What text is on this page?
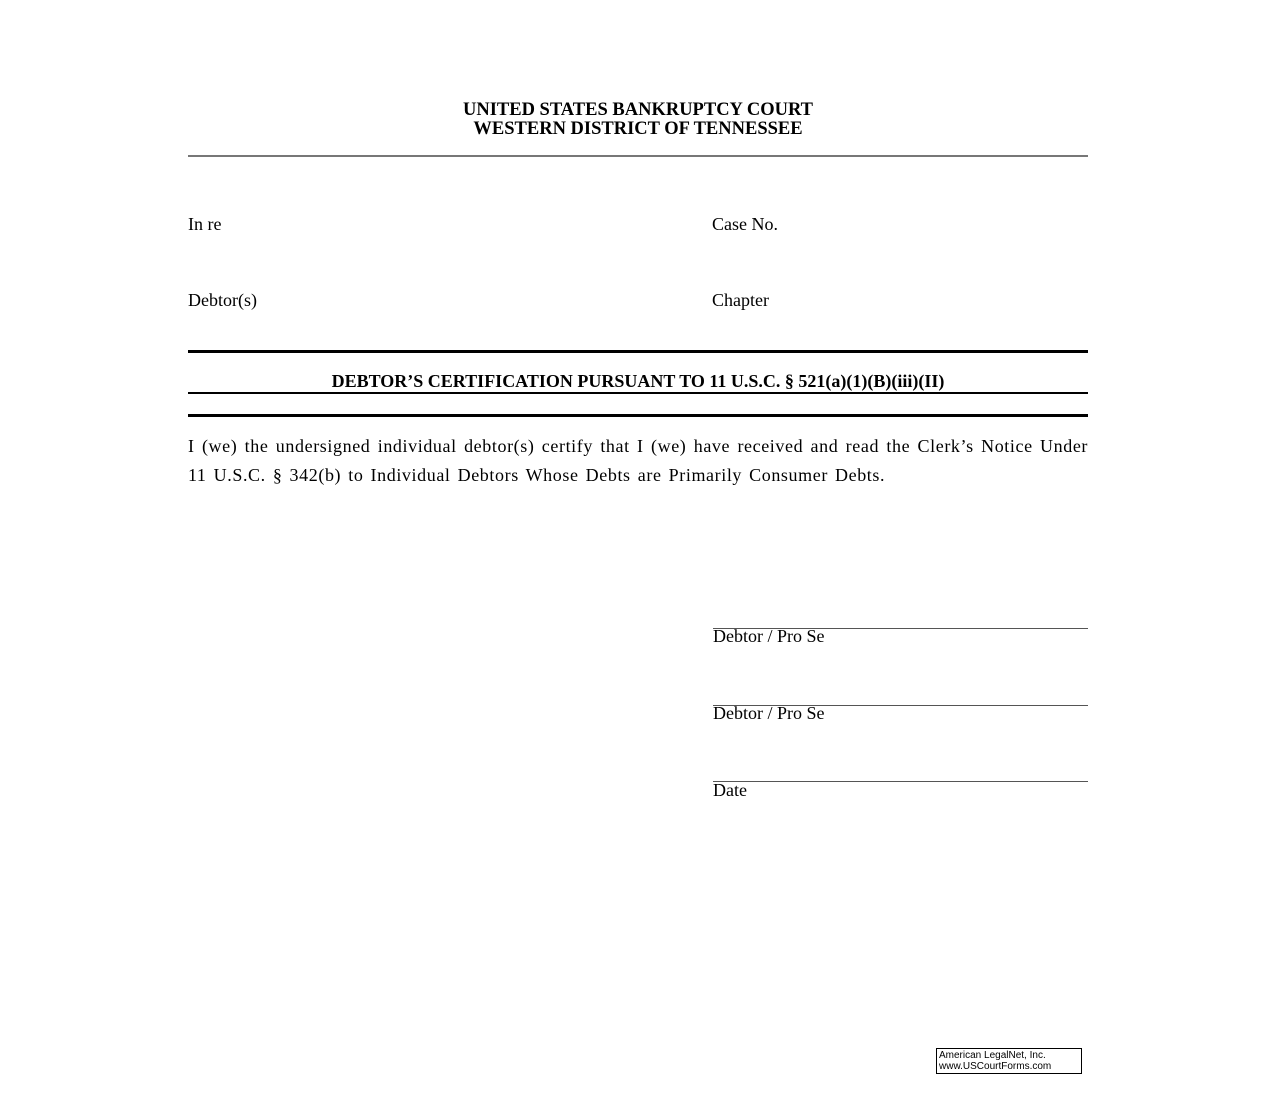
UNITED STATES BANKRUPTCY COURT
WESTERN DISTRICT OF TENNESSEE
In re	Case No.
Debtor(s)	Chapter
DEBTOR’S CERTIFICATION PURSUANT TO 11 U.S.C. § 521(a)(1)(B)(iii)(II)
I (we) the undersigned individual debtor(s) certify that I (we) have received and read the Clerk’s Notice Under 11 U.S.C. § 342(b) to Individual Debtors Whose Debts are Primarily Consumer Debts.
Debtor / Pro Se
Debtor / Pro Se
Date
American LegalNet, Inc.
www.USCourtForms.com
